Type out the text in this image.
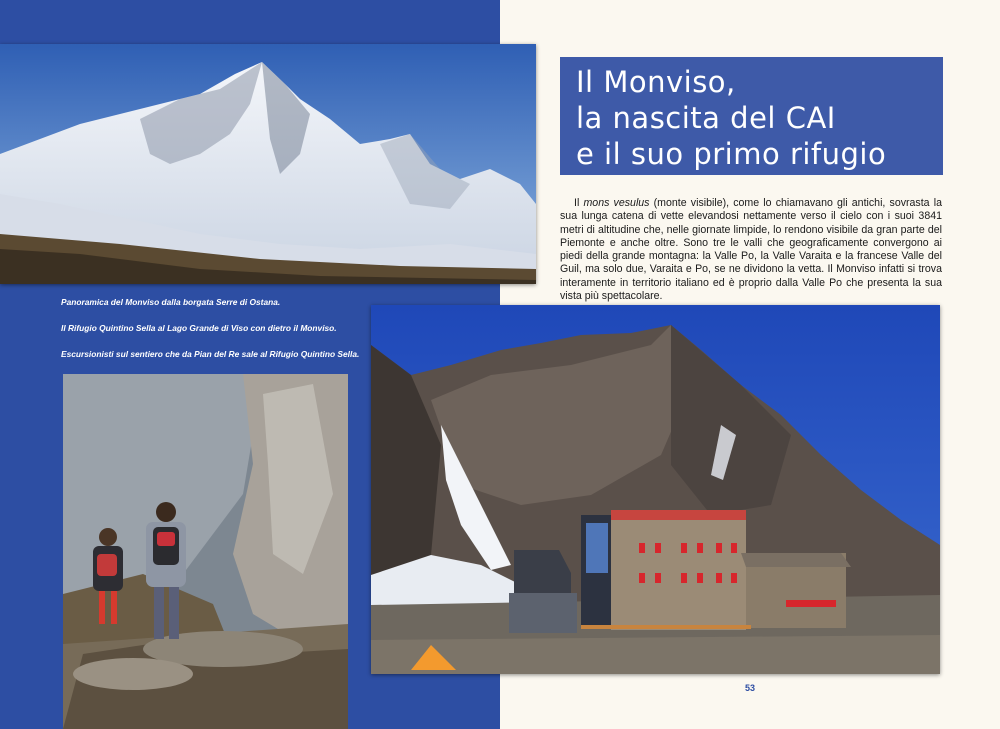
Il Monviso,
la nascita del CAI
e il suo primo rifugio

Il mons vesulus (monte visibile), come lo chiamavano gli antichi, sovrasta la sua lunga catena di vette elevandosi nettamente verso il cielo con i suoi 3841 metri di altitudine che, nelle giornate limpide, lo rendono visibile da gran parte del Piemonte e anche oltre. Sono tre le valli che geograficamente convergono ai piedi della grande montagna: la Valle Po, la Valle Varaita e la francese Valle del Guil, ma solo due, Varaita e Po, se ne dividono la vetta. Il Monviso infatti si trova interamente in territorio italiano ed è proprio dalla Valle Po che presenta la sua vista più spettacolare.

Panoramica del Monviso dalla borgata Serre di Ostana.

Il Rifugio Quintino Sella al Lago Grande di Viso con dietro il Monviso.

Escursionisti sul sentiero che da Pian del Re sale al Rifugio Quintino Sella.

53
